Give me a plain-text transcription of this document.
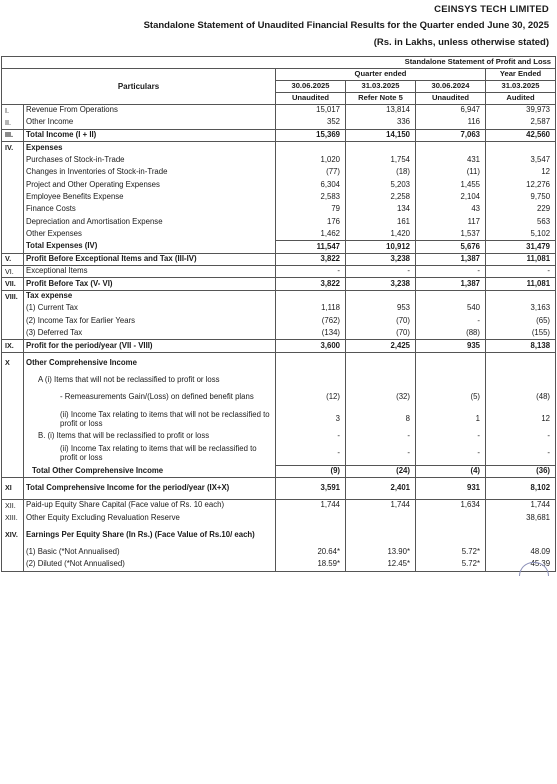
CEINSYS TECH LIMITED
Standalone Statement of Unaudited Financial Results for the Quarter ended June 30, 2025
(Rs. in Lakhs, unless otherwise stated)
Standalone Statement of Profit and Loss					
Particulars		Quarter ended			Year Ended
		30.06.2025	31.03.2025	30.06.2024	31.03.2025
		Unaudited	Refer Note 5	Unaudited	Audited
I.	Revenue From Operations	15,017	13,814	6,947	39,973
II.	Other Income	352	336	116	2,587
III.	Total Income (I + II)	15,369	14,150	7,063	42,560
IV.	Expenses				
	Purchases of Stock-in-Trade	1,020	1,754	431	3,547
	Changes in Inventories of Stock-in-Trade	(77)	(18)	(11)	12
	Project and Other Operating Expenses	6,304	5,203	1,455	12,276
	Employee Benefits Expense	2,583	2,258	2,104	9,750
	Finance Costs	79	134	43	229
	Depreciation and Amortisation Expense	176	161	117	563
	Other Expenses	1,462	1,420	1,537	5,102
	Total Expenses (IV)	11,547	10,912	5,676	31,479
V.	Profit Before Exceptional Items and Tax (III-IV)	3,822	3,238	1,387	11,081
VI.	Exceptional Items	-	-	-	-
VII.	Profit Before Tax (V- VI)	3,822	3,238	1,387	11,081
VIII.	Tax expense				
	(1) Current Tax	1,118	953	540	3,163
	(2) Income Tax for Earlier Years	(762)	(70)	-	(65)
	(3) Deferred Tax	(134)	(70)	(88)	(155)
IX.	Profit for the period/year (VII - VIII)	3,600	2,425	935	8,138
X	Other Comprehensive Income				
	A (i) Items that will not be reclassified to profit or loss				
	- Remeasurements Gain/(Loss) on defined benefit plans	(12)	(32)	(5)	(48)
	(ii) Income Tax relating to items that will not be reclassified to profit or loss	3	8	1	12
	B. (i) Items that will be reclassified to profit or loss	-	-	-	-
	(ii) Income Tax relating to items that will be reclassified to profit or loss	-	-	-	-
	Total Other Comprehensive Income	(9)	(24)	(4)	(36)
XI	Total Comprehensive Income for the period/year (IX+X)	3,591	2,401	931	8,102
XII.	Paid-up Equity Share Capital (Face value of Rs. 10 each)	1,744	1,744	1,634	1,744
XIII.	Other Equity Excluding Revaluation Reserve				38,681
XIV.	Earnings Per Equity Share (In Rs.) (Face Value of Rs.10/ each)				
	(1) Basic (*Not Annualised)	20.64*	13.90*	5.72*	48.09
	(2) Diluted (*Not Annualised)	18.59*	12.45*	5.72*	45.39
